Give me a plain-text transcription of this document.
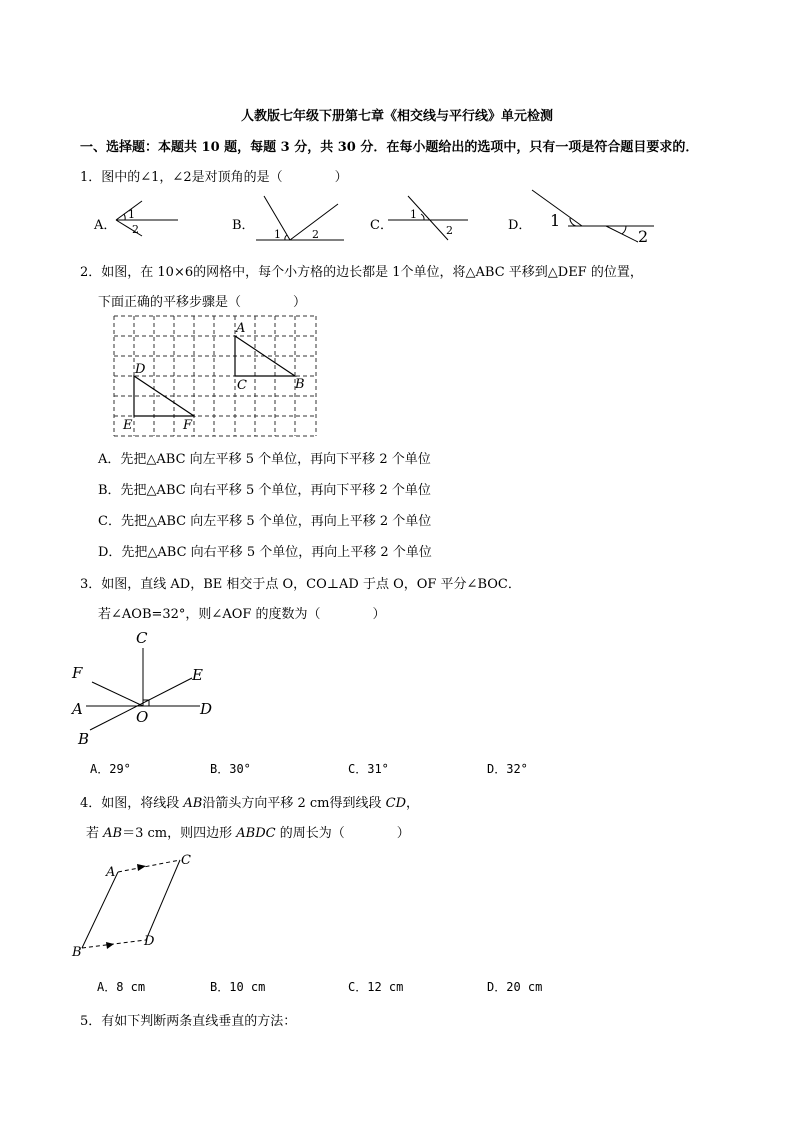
人教版七年级下册第七章《相交线与平行线》单元检测
一、选择题：本题共 10 题，每题 3 分，共 30 分．在每小题给出的选项中，只有一项是符合题目要求的．
1．图中的∠1，∠2是对顶角的是（　　　　）
A．
1
2	B．
1	2
C．
1
2	D． 1
2
2．如图，在 10×6的网格中，每个小方格的边长都是 1个单位，将△ABC 平移到△DEF 的位置，
下面正确的平移步骤是（　　　　）
A
B
C
D
E	F
A．先把△ABC 向左平移 5 个单位，再向下平移 2 个单位
B．先把△ABC 向右平移 5 个单位，再向下平移 2 个单位
C．先把△ABC 向左平移 5 个单位，再向上平移 2 个单位
D．先把△ABC 向右平移 5 个单位，再向上平移 2 个单位
3．如图，直线 AD，BE 相交于点 O，CO⊥AD 于点 O，OF 平分∠BOC．
若∠AOB=32°，则∠AOF 的度数为（　　　　）
C
F	E
A	D
O
B
A．29°	B．30°	C．31°	D．32°
4．如图，将线段 AB沿箭头方向平移 2 cm得到线段 CD，
若 AB＝3 cm，则四边形 ABDC 的周长为（　　　　）
A
C
B
D
A．8 cm	B．10 cm	C．12 cm	D．20 cm
5．有如下判断两条直线垂直的方法：
